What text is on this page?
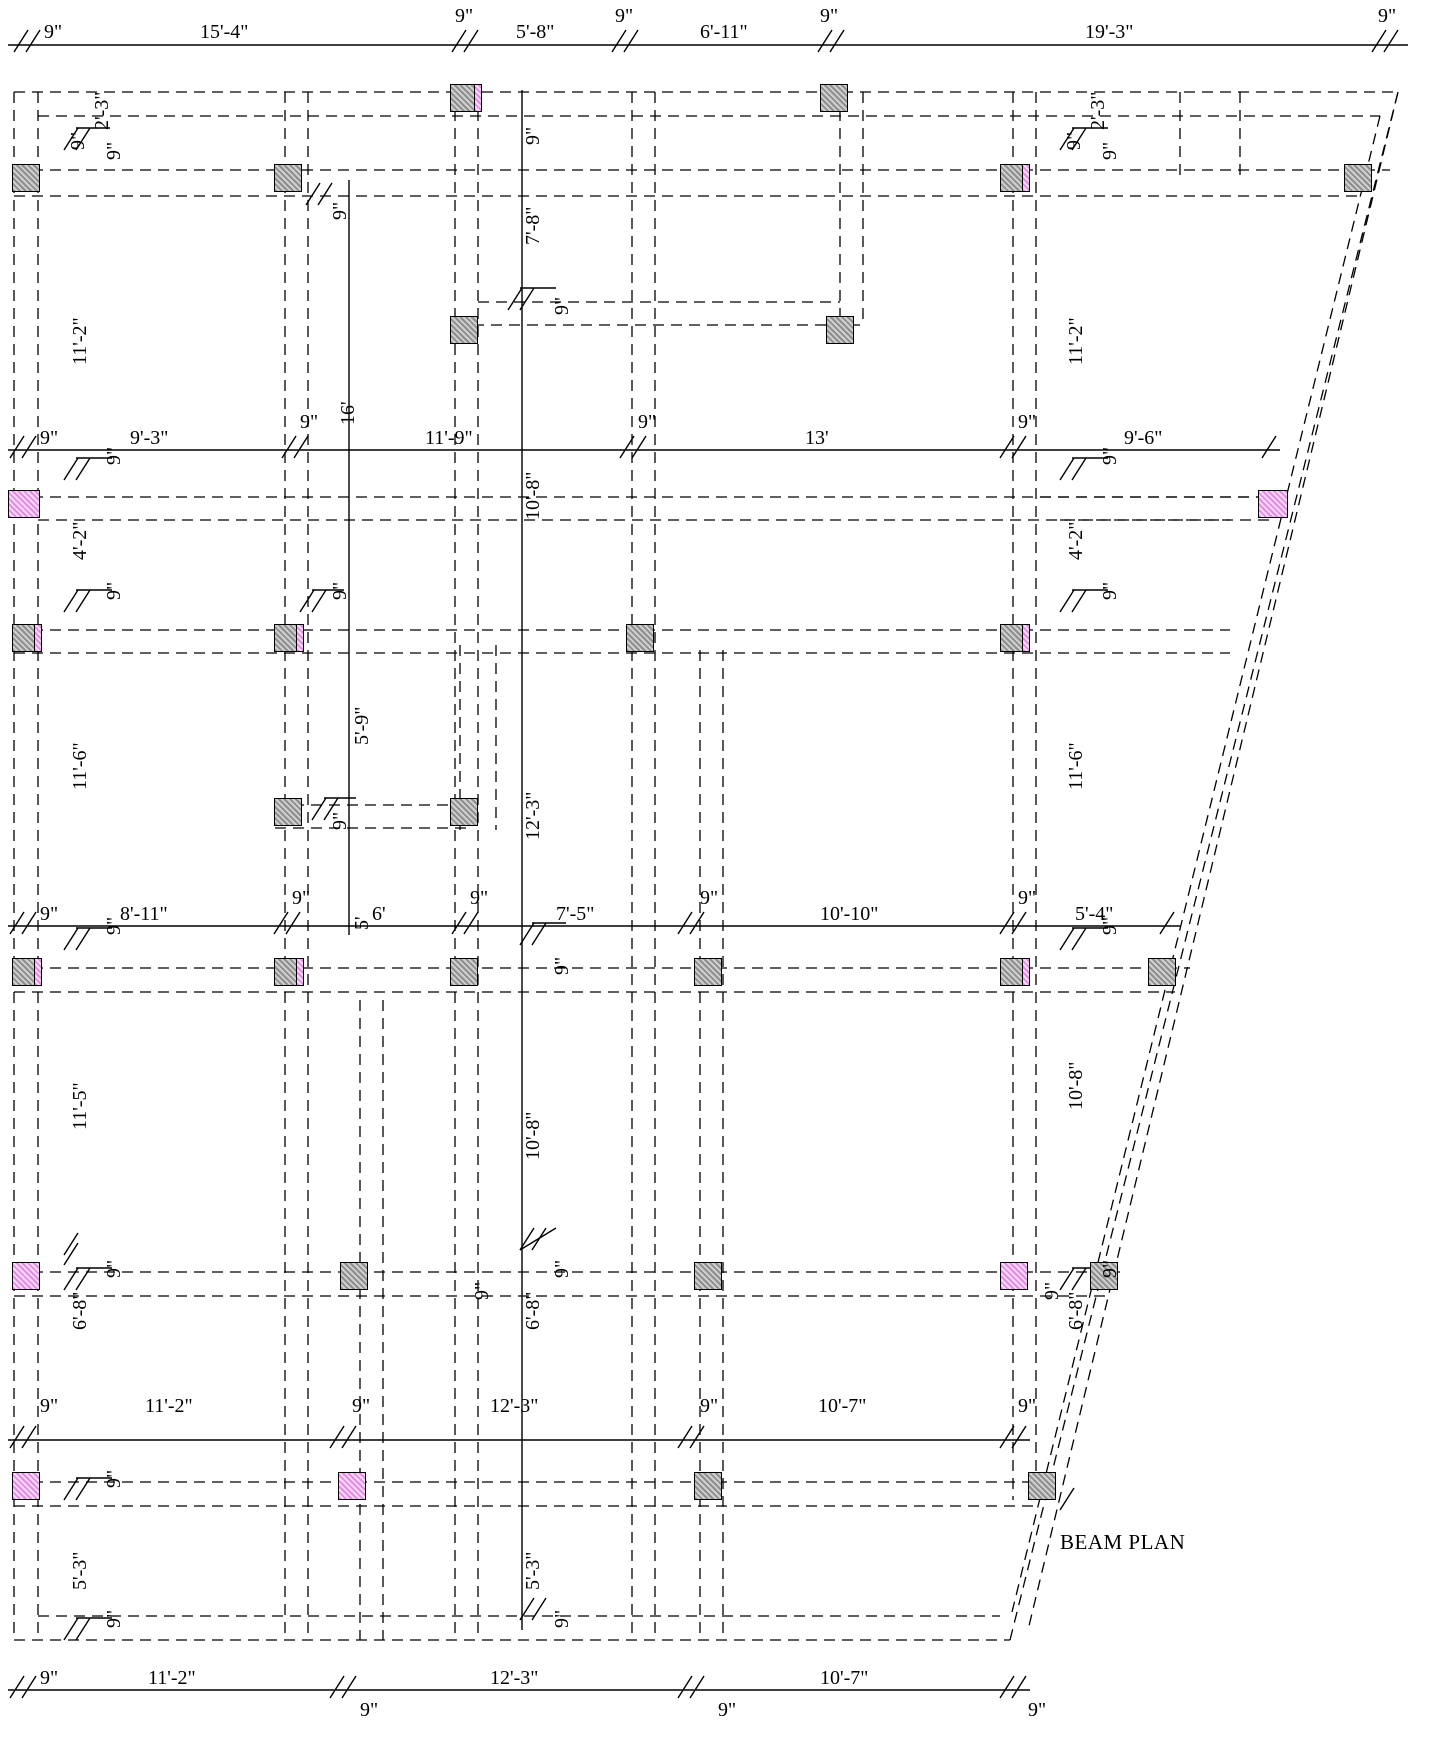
9"	15'-4"
9"
5'-8"
9"
6'-11"
9"
19'-3"
9"
9"	9'-3"
9"
11'-9"
9"
13'
9"
9'-6"
9"	8'-11"
9"
6'
9"
7'-5"
9"
10'-10"
9"
5'-4"
9"	11'-2"	9"	12'-3"	9"	10'-7"	9"
9"	11'-2"
9"
12'-3"
9"
10'-7"
9"
9"
2'-3"
9"
11'-2"
9"
4'-2"
9"
11'-6"
9"
11'-5"
9"
6'-8"
9"
5'-3"
9"
9"
2'-3"
9"
11'-2"
9"
4'-2"
9"
11'-6"
9"
10'-8"
9"
6'-8"
9"
9"
9"
7'-8"
9"
16'
10'-8"
9"
5'-9"
9"
5'
12'-3"
9"
10'-8"
9"
6'-8"
9"
5'-3"
9"
BEAM PLAN
